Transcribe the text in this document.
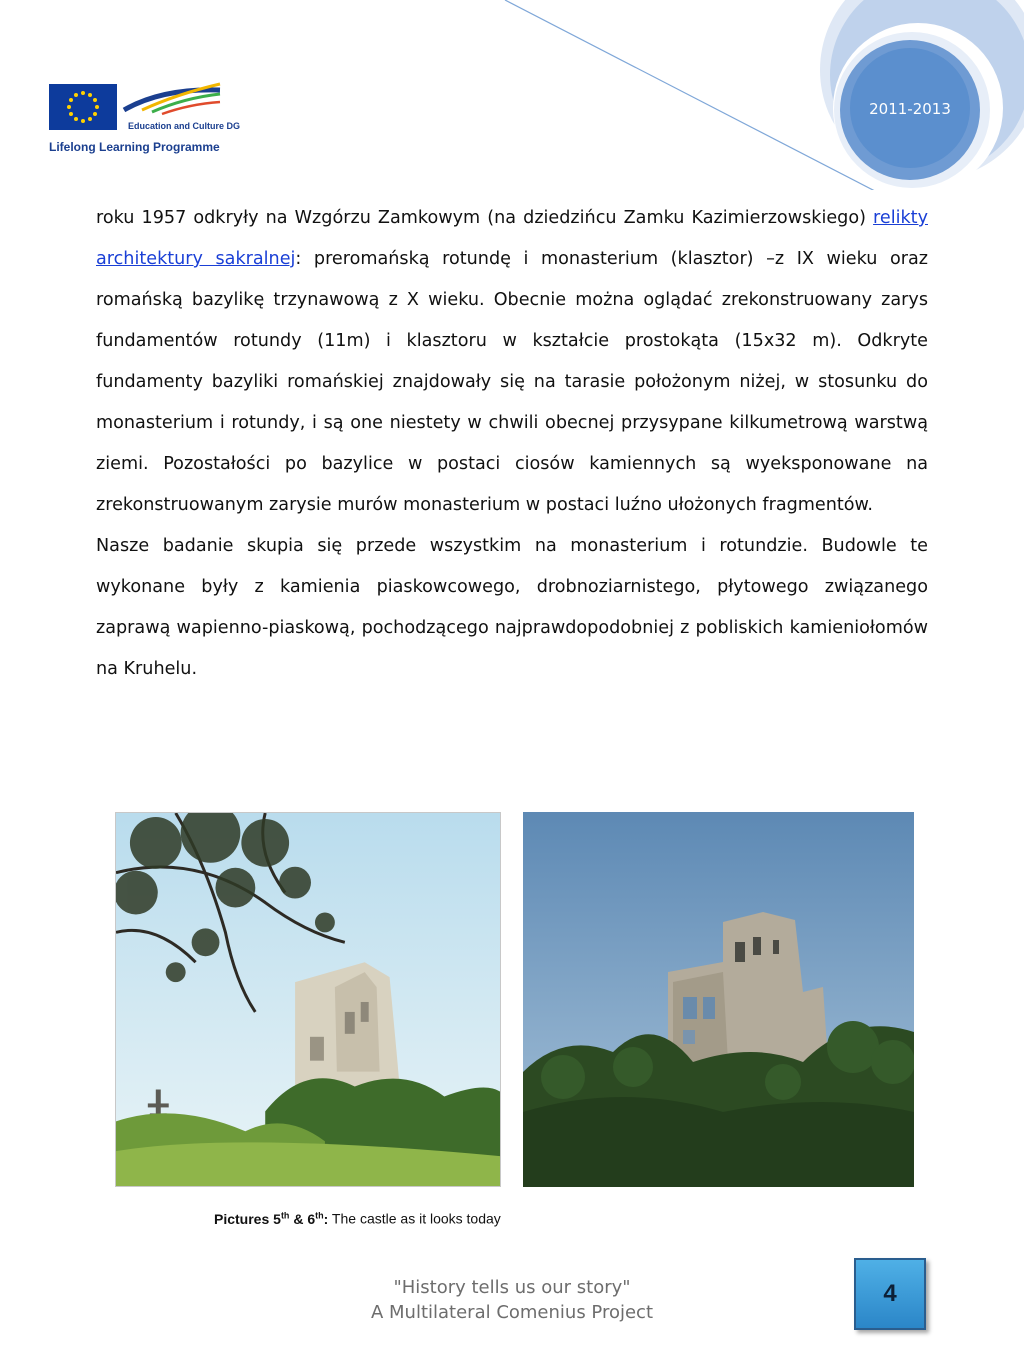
2011-2013
Education and Culture DG
Lifelong Learning Programme

roku 1957 odkryły na Wzgórzu Zamkowym (na dziedzińcu Zamku Kazimierzowskiego) relikty architektury sakralnej: preromańską rotundę i monasterium (klasztor) –z IX wieku oraz romańską bazylikę trzynawową z X wieku. Obecnie można oglądać zrekonstruowany zarys fundamentów rotundy (11m) i klasztoru w kształcie prostokąta (15x32 m). Odkryte fundamenty bazyliki romańskiej znajdowały się na tarasie położonym niżej, w stosunku do monasterium i rotundy, i są one niestety w chwili obecnej przysypane kilkumetrową warstwą ziemi. Pozostałości po bazylice w postaci ciosów kamiennych są wyeksponowane na zrekonstruowanym zarysie murów monasterium w postaci luźno ułożonych fragmentów.

Nasze badanie skupia się przede wszystkim na monasterium i rotundzie. Budowle te wykonane były z kamienia piaskowcowego, drobnoziarnistego, płytowego związanego zaprawą wapienno-piaskową, pochodzącego najprawdopodobniej z pobliskich kamieniołomów na Kruhelu.

Pictures 5th & 6th: The castle as it looks today
"History tells us our story"
A Multilateral Comenius Project
4
